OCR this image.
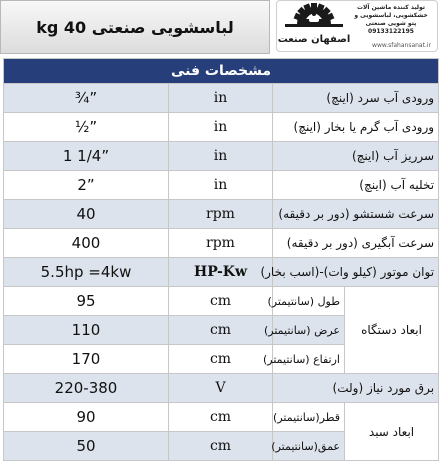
لباسشویی صنعتی 40 kg
اصفهان صنعت
تولید کننده ماشین آلات
خشکشویی، لباسشویی و
پتو شویی صنعتی
09133122195
www.sfahansanat.ir
مشخصات فنی			
¾”	in	ورودی آب سرد (اینچ)	
½”	in	ورودی آب گرم یا بخار (اینچ)	
1 1/4”	in	سرریز آب (اینچ)	
2”	in	تخلیه آب (اینچ)	
40	rpm	سرعت شستشو (دور بر دقیقه)	
400	rpm	سرعت آبگیری (دور بر دقیقه)	
5.5hp =4kw	HP-Kw	توان موتور (کیلو وات)-(اسب بخار)	
95	cm	طول (سانتیمتر)	ابعاد دستگاه
110	cm	عرض (سانتیمتر)	
170	cm	ارتفاع (سانتیمتر)	
220-380	V	برق مورد نیاز (ولت)	
90	cm	قطر(سانتیمتر)	ابعاد سبد
50	cm	عمق(سانتیمتر)	
